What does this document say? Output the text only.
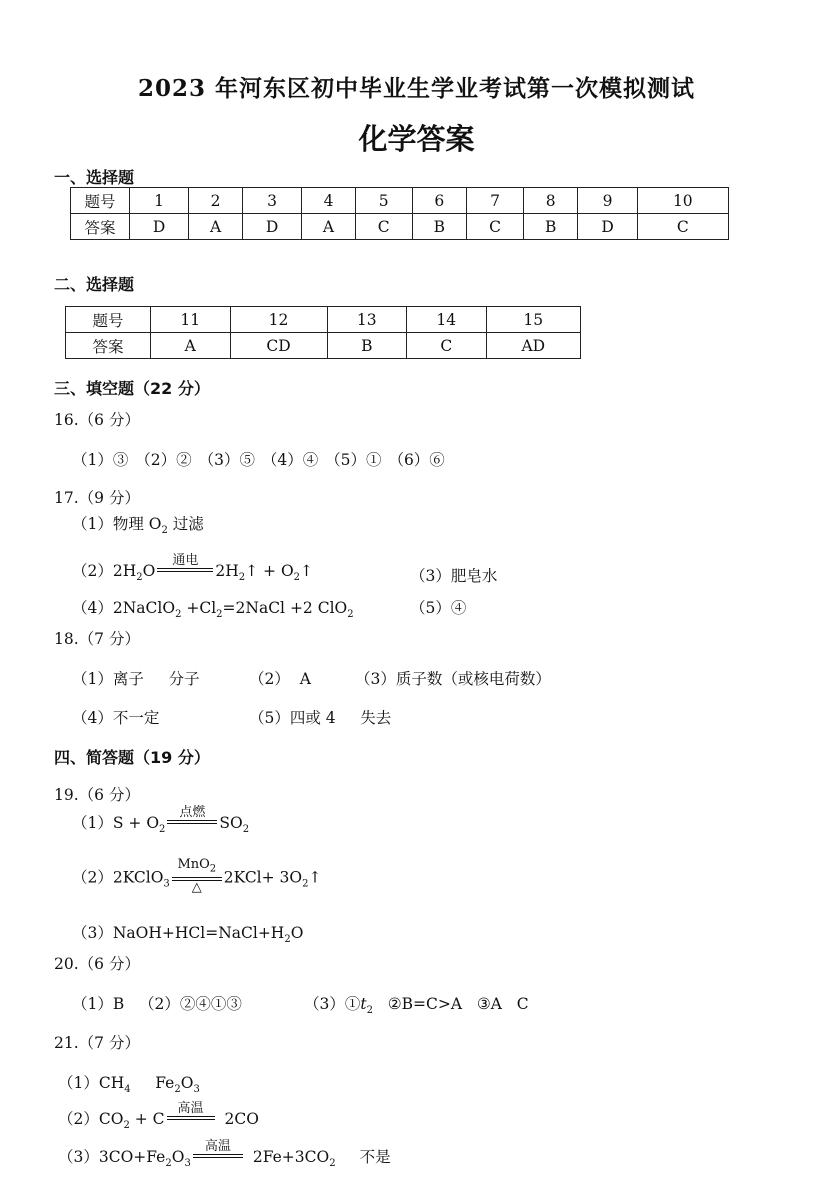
2023 年河东区初中毕业生学业考试第一次模拟测试
化学答案
一、选择题
题号	1	2	3	4	5	6	7	8	9	10
答案	D	A	D	A	C	B	C	B	D	C
二、选择题
题号	11	12	13	14	15
答案	A	CD	B	C	AD
三、填空题（22 分）
16.（6 分）
（1）③ （2）② （3）⑤ （4）④ （5）① （6）⑥
17.（9 分）
（1）物理 $O_2$ 过滤
$(2)2H_2O$
通电
$2H_2↑$ + $O_2↑$	（3）肥皂水
（4）2NaClO$_2$ $+Cl_2=2NaCl +2$ ClO$_2$	（5）④
18.（7 分）
（1）离子     分子	（2）  A	（3）质子数（或核电荷数）
（4）不一定	（5）四或 4     失去
四、简答题（19 分）
19.（6 分）
$(1)S + O_2$
点燃
$SO_2$
（2）2KClO$_3$
MnO$_2$
△
$2KCl+ 3O_2↑$
$(3)NaOH+HCl=NaCl+H_2O$
20.（6 分）
（1）B   （2）②④①③	$(3)①t_2$   ②B=C>A   ③A   C
21.（7 分）
$(1)CH_4$     $Fe_2O_3$
$(2)CO_2 + C$
高温
2CO
$(3)3CO+Fe_2O_3$
高温
$2Fe+3CO_2$ 不是
